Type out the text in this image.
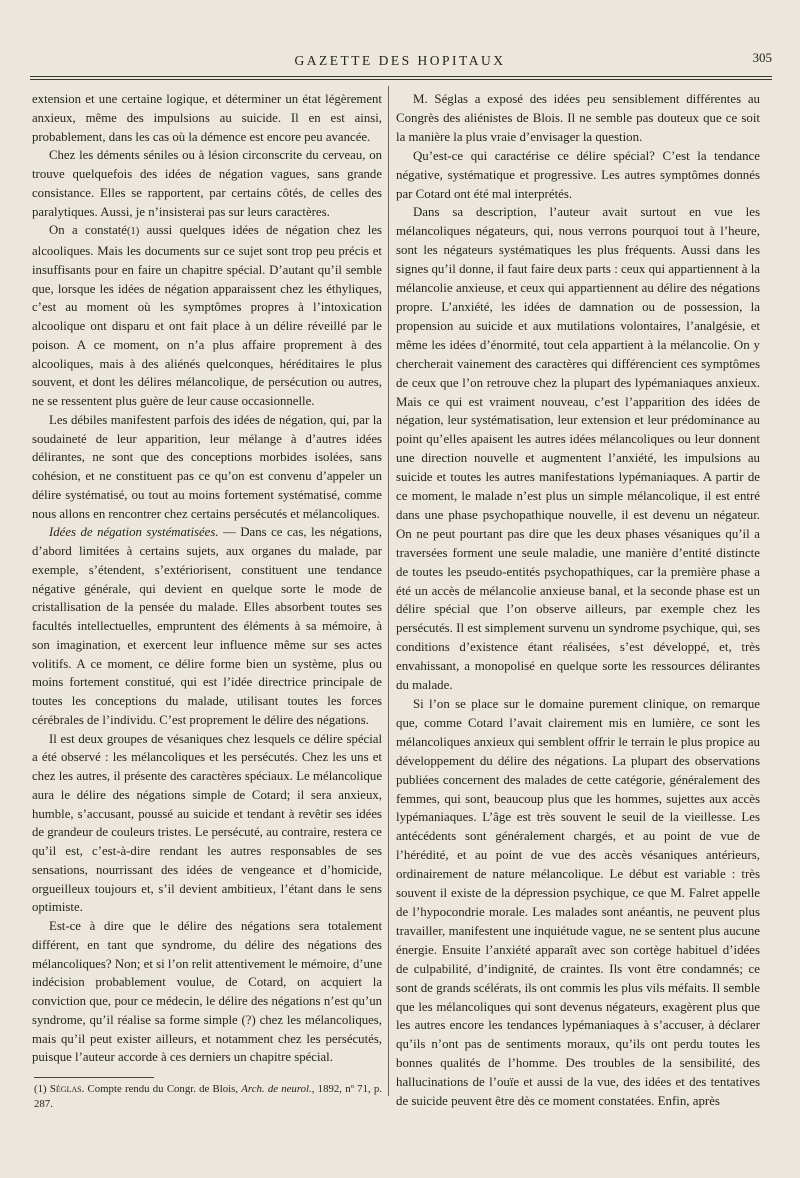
GAZETTE DES HOPITAUX	305

extension et une certaine logique, et déterminer un état légèrement anxieux, même des impulsions au suicide. Il en est ainsi, probablement, dans les cas où la démence est encore peu avancée.

Chez les déments séniles ou à lésion circonscrite du cerveau, on trouve quelquefois des idées de négation vagues, sans grande consistance. Elles se rapportent, par certains côtés, de celles des paralytiques. Aussi, je n’insisterai pas sur leurs caractères.

On a constaté(1) aussi quelques idées de négation chez les alcooliques. Mais les documents sur ce sujet sont trop peu précis et insuffisants pour en faire un chapitre spécial. D’autant qu’il semble que, lorsque les idées de négation apparaissent chez les éthyliques, c’est au moment où les symptômes propres à l’intoxication alcoolique ont disparu et ont fait place à un délire réveillé par le poison. A ce moment, on n’a plus affaire proprement à des alcooliques, mais à des aliénés quelconques, héréditaires le plus souvent, et dont les délires mélancolique, de persécution ou autres, ne se ressentent plus guère de leur cause occasionnelle.

Les débiles manifestent parfois des idées de négation, qui, par la soudaineté de leur apparition, leur mélange à d’autres idées délirantes, ne sont que des conceptions morbides isolées, sans cohésion, et ne constituent pas ce qu’on est convenu d’appeler un délire systématisé, ou tout au moins fortement systématisé, comme nous allons en rencontrer chez certains persécutés et mélancoliques.

Idées de négation systématisées. — Dans ce cas, les négations, d’abord limitées à certains sujets, aux organes du malade, par exemple, s’étendent, s’extériorisent, constituent une tendance négative générale, qui devient en quelque sorte le mode de cristallisation de la pensée du malade. Elles absorbent toutes ses facultés intellectuelles, empruntent des éléments à sa mémoire, à son imagination, et exercent leur influence même sur ses actes volitifs. A ce moment, ce délire forme bien un système, plus ou moins fortement constitué, qui est l’idée directrice principale de toutes les conceptions du malade, utilisant toutes les forces cérébrales de l’individu. C’est proprement le délire des négations.

Il est deux groupes de vésaniques chez lesquels ce délire spécial a été observé : les mélancoliques et les persécutés. Chez les uns et chez les autres, il présente des caractères spéciaux. Le mélancolique aura le délire des négations simple de Cotard; il sera anxieux, humble, s’accusant, poussé au suicide et tendant à revêtir ses idées de grandeur de couleurs tristes. Le persécuté, au contraire, restera ce qu’il est, c’est-à-dire rendant les autres responsables de ses sensations, nourrissant des idées de vengeance et d’homicide, orgueilleux toujours et, s’il devient ambitieux, l’étant dans le sens optimiste.

Est-ce à dire que le délire des négations sera totalement différent, en tant que syndrome, du délire des négations des mélancoliques? Non; et si l’on relit attentivement le mémoire, d’une indécision probablement voulue, de Cotard, on acquiert la conviction que, pour ce médecin, le délire des négations n’est qu’un syndrome, qu’il réalise sa forme simple (?) chez les mélancoliques, mais qu’il peut exister ailleurs, et notamment chez les persécutés, puisque l’auteur accorde à ces derniers un chapitre spécial.

M. Séglas a exposé des idées peu sensiblement différentes au Congrès des aliénistes de Blois. Il ne semble pas douteux que ce soit la manière la plus vraie d’envisager la question.

Qu’est-ce qui caractérise ce délire spécial? C’est la tendance négative, systématique et progressive. Les autres symptômes donnés par Cotard ont été mal interprétés.

Dans sa description, l’auteur avait surtout en vue les mélancoliques négateurs, qui, nous verrons pourquoi tout à l’heure, sont les négateurs systématiques les plus fréquents. Aussi dans les signes qu’il donne, il faut faire deux parts : ceux qui appartiennent à la mélancolie anxieuse, et ceux qui appartiennent au délire des négations propre. L’anxiété, les idées de damnation ou de possession, la propension au suicide et aux mutilations volontaires, l’analgésie, et même les idées d’énormité, tout cela appartient à la mélancolie. On y chercherait vainement des caractères qui différencient ces symptômes de ceux que l’on retrouve chez la plupart des lypémaniaques anxieux. Mais ce qui est vraiment nouveau, c’est l’apparition des idées de négation, leur systématisation, leur extension et leur prédominance au point qu’elles apaisent les autres idées mélancoliques ou leur donnent une direction nouvelle et augmentent l’anxiété, les impulsions au suicide et toutes les autres manifestations lypémaniaques. A partir de ce moment, le malade n’est plus un simple mélancolique, il est entré dans une phase psychopathique nouvelle, il est devenu un négateur. On ne peut pourtant pas dire que les deux phases vésaniques qu’il a traversées forment une seule maladie, une manière d’entité distincte de toutes les pseudo-entités psychopathiques, car la première phase a été un accès de mélancolie anxieuse banal, et la seconde phase est un délire spécial que l’on observe ailleurs, par exemple chez les persécutés. Il est simplement survenu un syndrome psychique, qui, ses conditions d’existence étant réalisées, s’est développé, et, très envahissant, a monopolisé en quelque sorte les ressources délirantes du malade.

Si l’on se place sur le domaine purement clinique, on remarque que, comme Cotard l’avait clairement mis en lumière, ce sont les mélancoliques anxieux qui semblent offrir le terrain le plus propice au développement du délire des négations. La plupart des observations publiées concernent des malades de cette catégorie, généralement des femmes, qui sont, beaucoup plus que les hommes, sujettes aux accès lypémaniaques. L’âge est très souvent le seuil de la vieillesse. Les antécédents sont généralement chargés, et au point de vue de l’hérédité, et au point de vue des accès vésaniques antérieurs, ordinairement de nature mélancolique. Le début est variable : très souvent il existe de la dépression psychique, ce que M. Falret appelle de l’hypocondrie morale. Les malades sont anéantis, ne peuvent plus travailler, manifestent une inquiétude vague, ne se sentent plus aucune énergie. Ensuite l’anxiété apparaît avec son cortège habituel d’idées de culpabilité, d’indignité, de craintes. Ils vont être condamnés; ce sont de grands scélérats, ils ont commis les plus vils méfaits. Il semble que les mélancoliques qui sont devenus négateurs, exagèrent plus que les autres encore les tendances lypémaniaques à s’accuser, à déclarer qu’ils n’ont pas de sentiments moraux, qu’ils ont perdu toutes les bonnes qualités de l’homme. Des troubles de la sensibilité, des hallucinations de l’ouïe et aussi de la vue, des idées et des tentatives de suicide peuvent être dès ce moment constatées. Enfin, après

(1) Séglas. Compte rendu du Congr. de Blois, Arch. de neurol., 1892, nº 71, p. 287.
